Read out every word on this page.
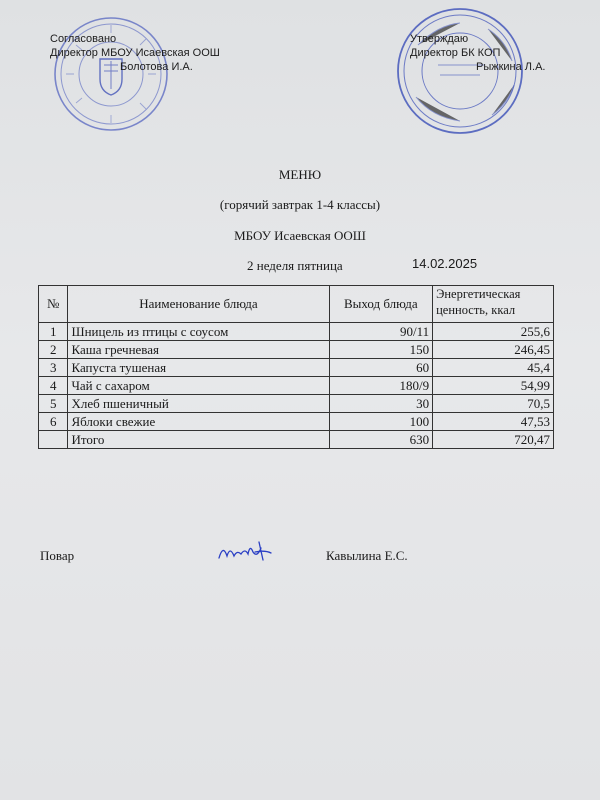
Согласовано
Директор МБОУ Исаевская ООШ
Болотова И.А.
Утверждаю
Директор БК КОП
Рыжкина Л.А.
МЕНЮ
(горячий завтрак 1-4 классы)
МБОУ Исаевская ООШ
2 неделя пятница	14.02.2025
№	Наименование блюда	Выход блюда	Энергетическая ценность, ккал
1	Шницель из птицы с соусом	90/11	255,6
2	Каша гречневая	150	246,45
3	Капуста тушеная	60	45,4
4	Чай с сахаром	180/9	54,99
5	Хлеб пшеничный	30	70,5
6	Яблоки свежие	100	47,53
	Итого	630	720,47
Повар	Кавылина Е.С.
